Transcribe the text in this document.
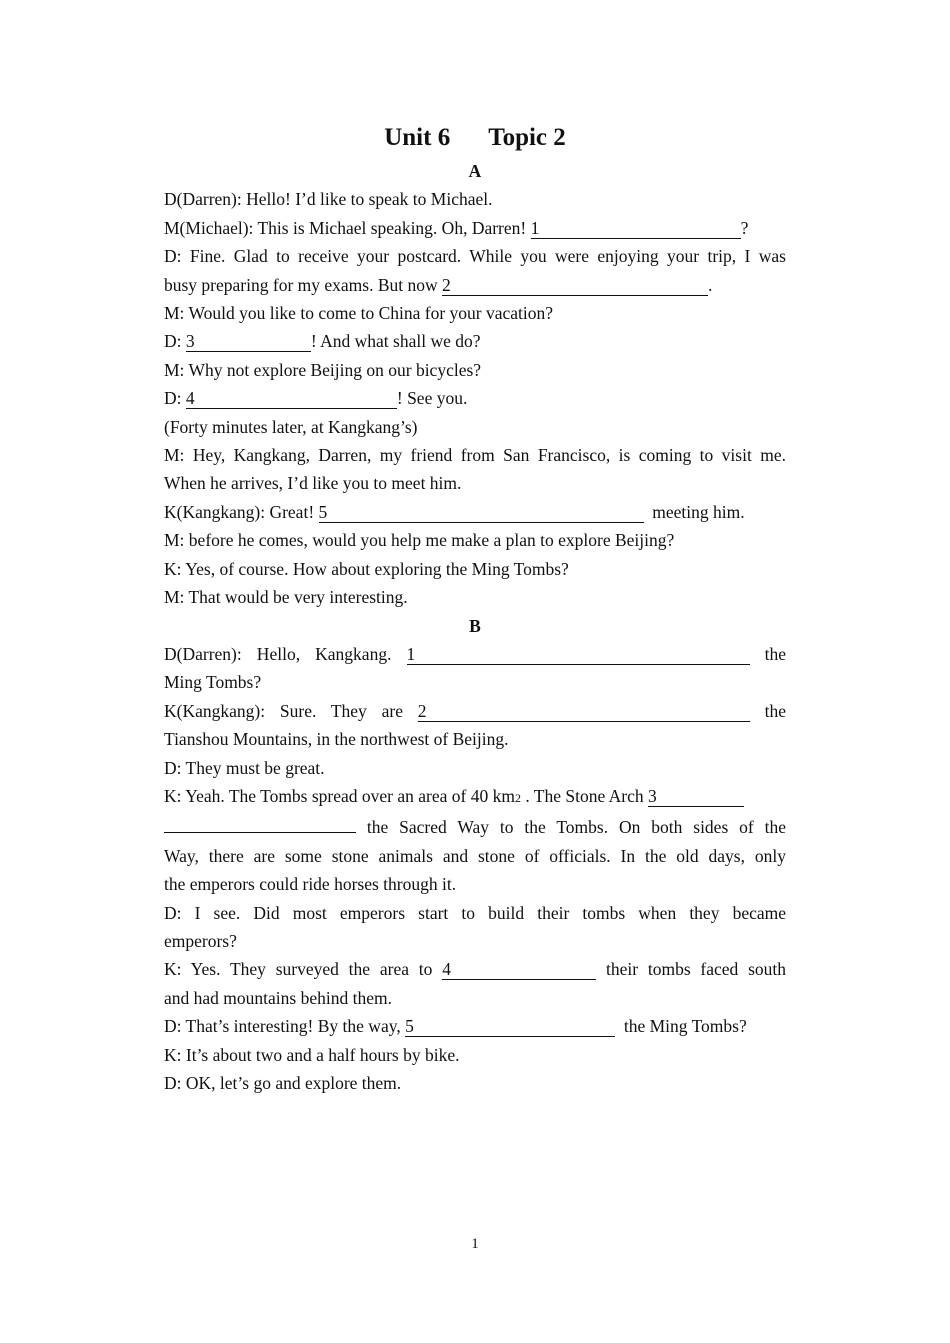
Unit 6 Topic 2
A
D(Darren): Hello! I’d like to speak to Michael.
M(Michael): This is Michael speaking. Oh, Darren! 1	?
D: Fine. Glad to receive your postcard. While you were enjoying your trip, I was
busy preparing for my exams. But now 2	.
M: Would you like to come to China for your vacation?
D: 3	! And what shall we do?
M: Why not explore Beijing on our bicycles?
D: 4	! See you.
(Forty minutes later, at Kangkang’s)
M: Hey, Kangkang, Darren, my friend from San Francisco, is coming to visit me.
When he arrives, I’d like you to meet him.
K(Kangkang): Great! 5	meeting him.
M: before he comes, would you help me make a plan to explore Beijing?
K: Yes, of course. How about exploring the Ming Tombs?
M: That would be very interesting.
B
D(Darren): Hello, Kangkang. 1	the
Ming Tombs?
K(Kangkang): Sure. They are 2	the
Tianshou Mountains, in the northwest of Beijing.
D: They must be great.
K: Yeah. The Tombs spread over an area of 40 km2 . The Stone Arch 3
the Sacred Way to the Tombs. On both sides of the
Way, there are some stone animals and stone of officials. In the old days, only
the emperors could ride horses through it.
D: I see. Did most emperors start to build their tombs when they became
emperors?
K: Yes. They surveyed the area to 4	their tombs faced south
and had mountains behind them.
D: That’s interesting! By the way, 5	the Ming Tombs?
K: It’s about two and a half hours by bike.
D: OK, let’s go and explore them.
1
